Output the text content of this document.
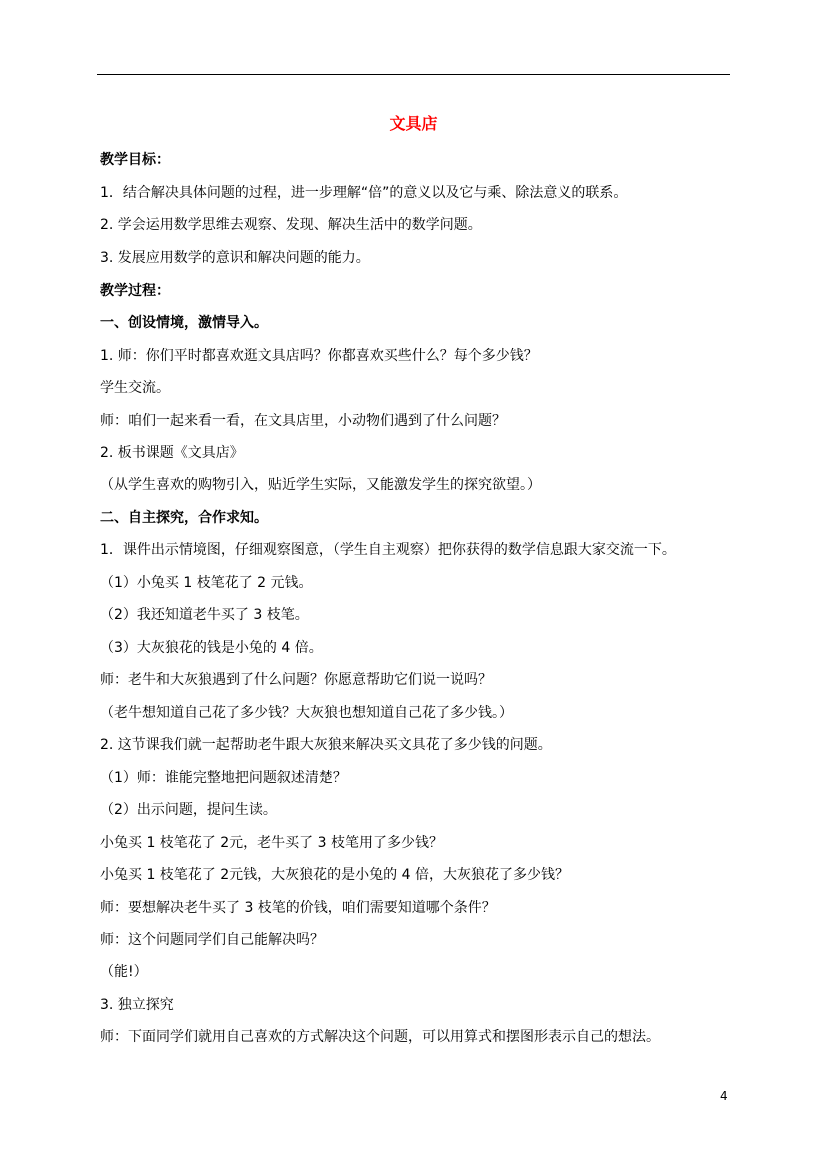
文具店
教学目标：
1．结合解决具体问题的过程，进一步理解“倍”的意义以及它与乘、除法意义的联系。
2. 学会运用数学思维去观察、发现、解决生活中的数学问题。
3. 发展应用数学的意识和解决问题的能力。
教学过程：
一、创设情境，激情导入。
1. 师：你们平时都喜欢逛文具店吗？你都喜欢买些什么？每个多少钱？
学生交流。
师：咱们一起来看一看，在文具店里，小动物们遇到了什么问题？
2. 板书课题《文具店》
（从学生喜欢的购物引入，贴近学生实际，又能激发学生的探究欲望。）
二、自主探究，合作求知。
1．课件出示情境图，仔细观察图意，（学生自主观察）把你获得的数学信息跟大家交流一下。
（1）小兔买 1 枝笔花了 2 元钱。
（2）我还知道老牛买了 3 枝笔。
（3）大灰狼花的钱是小兔的 4 倍。
师：老牛和大灰狼遇到了什么问题？你愿意帮助它们说一说吗？
（老牛想知道自己花了多少钱？大灰狼也想知道自己花了多少钱。）
2. 这节课我们就一起帮助老牛跟大灰狼来解决买文具花了多少钱的问题。
（1）师：谁能完整地把问题叙述清楚？
（2）出示问题，提问生读。
小兔买 1 枝笔花了 2元，老牛买了 3 枝笔用了多少钱？
小兔买 1 枝笔花了 2元钱，大灰狼花的是小兔的 4 倍，大灰狼花了多少钱？
师：要想解决老牛买了 3 枝笔的价钱，咱们需要知道哪个条件？
师：这个问题同学们自己能解决吗？
（能!）
3. 独立探究
师：下面同学们就用自己喜欢的方式解决这个问题，可以用算式和摆图形表示自己的想法。
4
